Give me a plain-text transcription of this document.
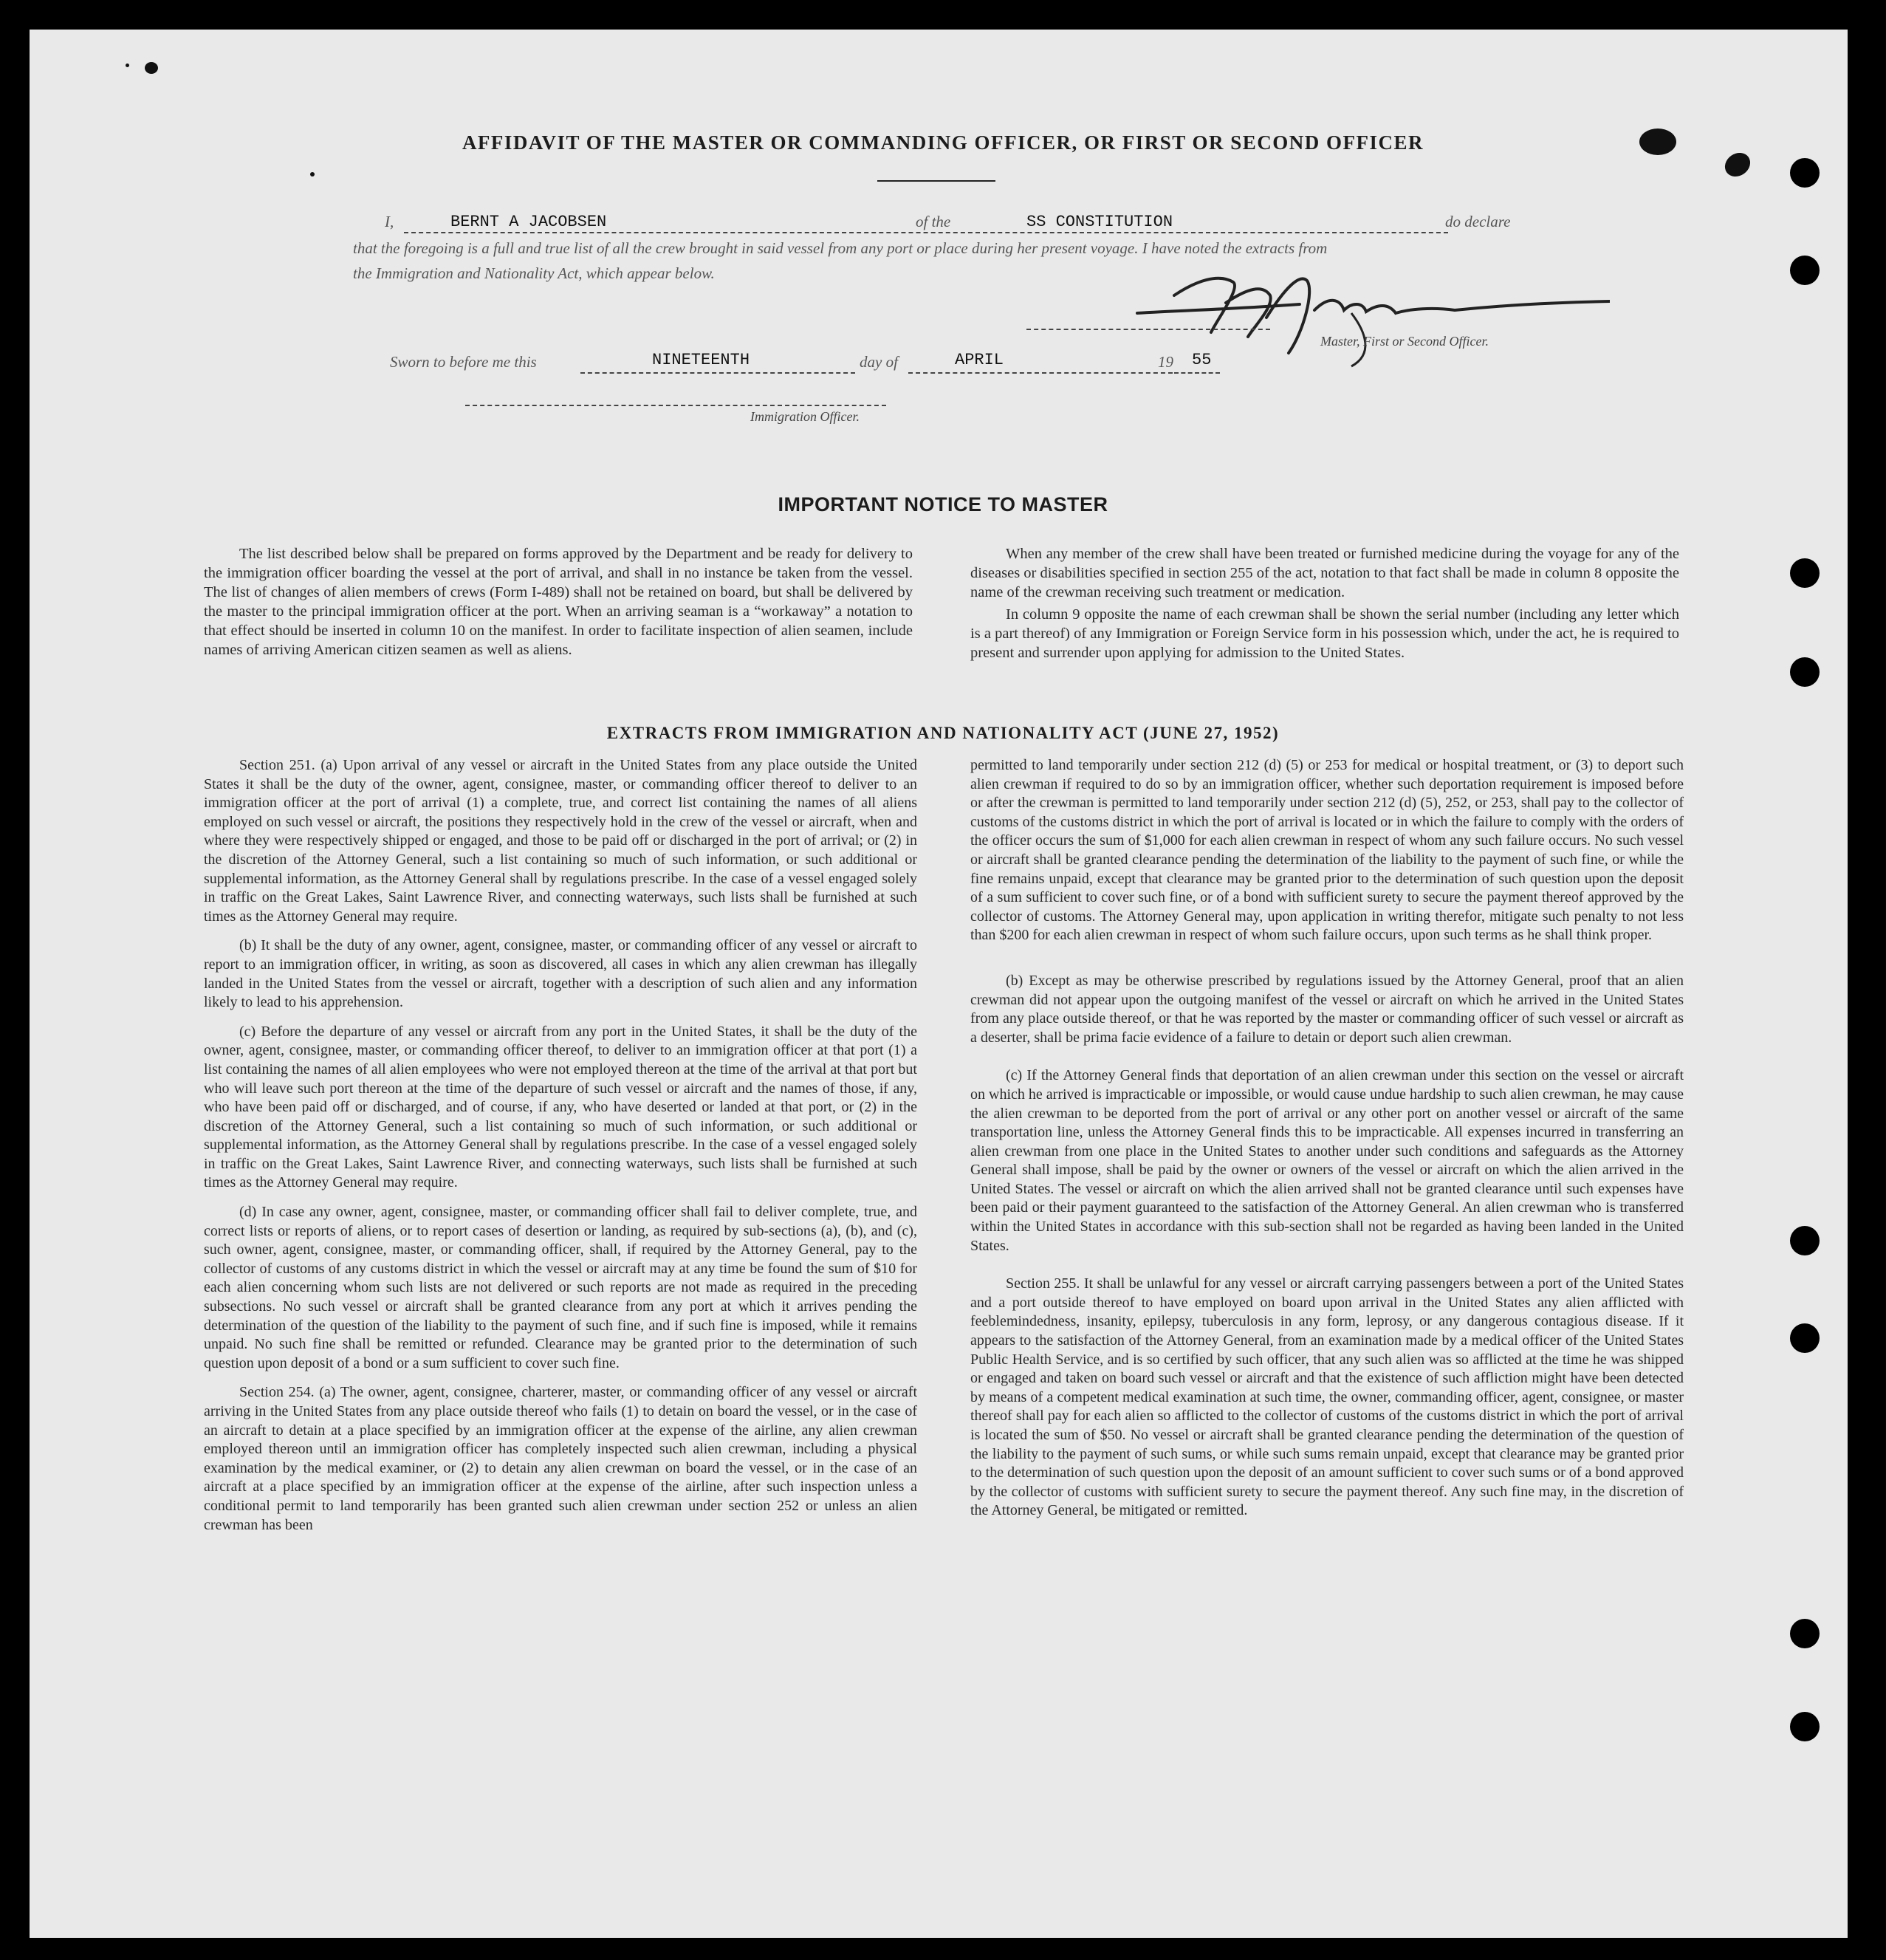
AFFIDAVIT OF THE MASTER OR COMMANDING OFFICER, OR FIRST OR SECOND OFFICER
I,	BERNT A JACOBSEN	of the	SS CONSTITUTION	do declare
that the foregoing is a full and true list of all the crew brought in said vessel from any port or place during her present voyage. I have noted the extracts from
the Immigration and Nationality Act, which appear below.
Master, First or Second Officer.
Sworn to before me this	NINETEENTH	day of	APRIL	19 55
Immigration Officer.
IMPORTANT NOTICE TO MASTER

The list described below shall be prepared on forms approved by the Department and be ready for delivery to the immigration officer boarding the vessel at the port of arrival, and shall in no instance be taken from the vessel. The list of changes of alien members of crews (Form I-489) shall not be retained on board, but shall be delivered by the master to the principal immigration officer at the port. When an arriving seaman is a “workaway” a notation to that effect should be inserted in column 10 on the manifest. In order to facilitate inspection of alien seamen, include names of arriving American citizen seamen as well as aliens.

When any member of the crew shall have been treated or furnished medicine during the voyage for any of the diseases or disabilities specified in section 255 of the act, notation to that fact shall be made in column 8 opposite the name of the crewman receiving such treatment or medication.

In column 9 opposite the name of each crewman shall be shown the serial number (including any letter which is a part thereof) of any Immigration or Foreign Service form in his possession which, under the act, he is required to present and surrender upon applying for admission to the United States.

EXTRACTS FROM IMMIGRATION AND NATIONALITY ACT (JUNE 27, 1952)

Section 251. (a) Upon arrival of any vessel or aircraft in the United States from any place outside the United States it shall be the duty of the owner, agent, consignee, master, or commanding officer thereof to deliver to an immigration officer at the port of arrival (1) a complete, true, and correct list containing the names of all aliens employed on such vessel or aircraft, the positions they respectively hold in the crew of the vessel or aircraft, when and where they were respectively shipped or engaged, and those to be paid off or discharged in the port of arrival; or (2) in the discretion of the Attorney General, such a list containing so much of such information, or such additional or supplemental information, as the Attorney General shall by regulations prescribe. In the case of a vessel engaged solely in traffic on the Great Lakes, Saint Lawrence River, and connecting waterways, such lists shall be furnished at such times as the Attorney General may require.

(b) It shall be the duty of any owner, agent, consignee, master, or commanding officer of any vessel or aircraft to report to an immigration officer, in writing, as soon as discovered, all cases in which any alien crewman has illegally landed in the United States from the vessel or aircraft, together with a description of such alien and any information likely to lead to his apprehension.

(c) Before the departure of any vessel or aircraft from any port in the United States, it shall be the duty of the owner, agent, consignee, master, or commanding officer thereof, to deliver to an immigration officer at that port (1) a list containing the names of all alien employees who were not employed thereon at the time of the arrival at that port but who will leave such port thereon at the time of the departure of such vessel or aircraft and the names of those, if any, who have been paid off or discharged, and of course, if any, who have deserted or landed at that port, or (2) in the discretion of the Attorney General, such a list containing so much of such information, or such additional or supplemental information, as the Attorney General shall by regulations prescribe. In the case of a vessel engaged solely in traffic on the Great Lakes, Saint Lawrence River, and connecting waterways, such lists shall be furnished at such times as the Attorney General may require.

(d) In case any owner, agent, consignee, master, or commanding officer shall fail to deliver complete, true, and correct lists or reports of aliens, or to report cases of desertion or landing, as required by sub-sections (a), (b), and (c), such owner, agent, consignee, master, or commanding officer, shall, if required by the Attorney General, pay to the collector of customs of any customs district in which the vessel or aircraft may at any time be found the sum of $10 for each alien concerning whom such lists are not delivered or such reports are not made as required in the preceding subsections. No such vessel or aircraft shall be granted clearance from any port at which it arrives pending the determination of the question of the liability to the payment of such fine, and if such fine is imposed, while it remains unpaid. No such fine shall be remitted or refunded. Clearance may be granted prior to the determination of such question upon deposit of a bond or a sum sufficient to cover such fine.

Section 254. (a) The owner, agent, consignee, charterer, master, or commanding officer of any vessel or aircraft arriving in the United States from any place outside thereof who fails (1) to detain on board the vessel, or in the case of an aircraft to detain at a place specified by an immigration officer at the expense of the airline, any alien crewman employed thereon until an immigration officer has completely inspected such alien crewman, including a physical examination by the medical examiner, or (2) to detain any alien crewman on board the vessel, or in the case of an aircraft at a place specified by an immigration officer at the expense of the airline, after such inspection unless a conditional permit to land temporarily has been granted such alien crewman under section 252 or unless an alien crewman has been

permitted to land temporarily under section 212 (d) (5) or 253 for medical or hospital treatment, or (3) to deport such alien crewman if required to do so by an immigration officer, whether such deportation requirement is imposed before or after the crewman is permitted to land temporarily under section 212 (d) (5), 252, or 253, shall pay to the collector of customs of the customs district in which the port of arrival is located or in which the failure to comply with the orders of the officer occurs the sum of $1,000 for each alien crewman in respect of whom any such failure occurs. No such vessel or aircraft shall be granted clearance pending the determination of the liability to the payment of such fine, or while the fine remains unpaid, except that clearance may be granted prior to the determination of such question upon the deposit of a sum sufficient to cover such fine, or of a bond with sufficient surety to secure the payment thereof approved by the collector of customs. The Attorney General may, upon application in writing therefor, mitigate such penalty to not less than $200 for each alien crewman in respect of whom such failure occurs, upon such terms as he shall think proper.

(b) Except as may be otherwise prescribed by regulations issued by the Attorney General, proof that an alien crewman did not appear upon the outgoing manifest of the vessel or aircraft on which he arrived in the United States from any place outside thereof, or that he was reported by the master or commanding officer of such vessel or aircraft as a deserter, shall be prima facie evidence of a failure to detain or deport such alien crewman.

(c) If the Attorney General finds that deportation of an alien crewman under this section on the vessel or aircraft on which he arrived is impracticable or impossible, or would cause undue hardship to such alien crewman, he may cause the alien crewman to be deported from the port of arrival or any other port on another vessel or aircraft of the same transportation line, unless the Attorney General finds this to be impracticable. All expenses incurred in transferring an alien crewman from one place in the United States to another under such conditions and safeguards as the Attorney General shall impose, shall be paid by the owner or owners of the vessel or aircraft on which the alien arrived in the United States. The vessel or aircraft on which the alien arrived shall not be granted clearance until such expenses have been paid or their payment guaranteed to the satisfaction of the Attorney General. An alien crewman who is transferred within the United States in accordance with this sub-section shall not be regarded as having been landed in the United States.

Section 255. It shall be unlawful for any vessel or aircraft carrying passengers between a port of the United States and a port outside thereof to have employed on board upon arrival in the United States any alien afflicted with feeblemindedness, insanity, epilepsy, tuberculosis in any form, leprosy, or any dangerous contagious disease. If it appears to the satisfaction of the Attorney General, from an examination made by a medical officer of the United States Public Health Service, and is so certified by such officer, that any such alien was so afflicted at the time he was shipped or engaged and taken on board such vessel or aircraft and that the existence of such affliction might have been detected by means of a competent medical examination at such time, the owner, commanding officer, agent, consignee, or master thereof shall pay for each alien so afflicted to the collector of customs of the customs district in which the port of arrival is located the sum of $50. No vessel or aircraft shall be granted clearance pending the determination of the question of the liability to the payment of such sums, or while such sums remain unpaid, except that clearance may be granted prior to the determination of such question upon the deposit of an amount sufficient to cover such sums or of a bond approved by the collector of customs with sufficient surety to secure the payment thereof. Any such fine may, in the discretion of the Attorney General, be mitigated or remitted.
